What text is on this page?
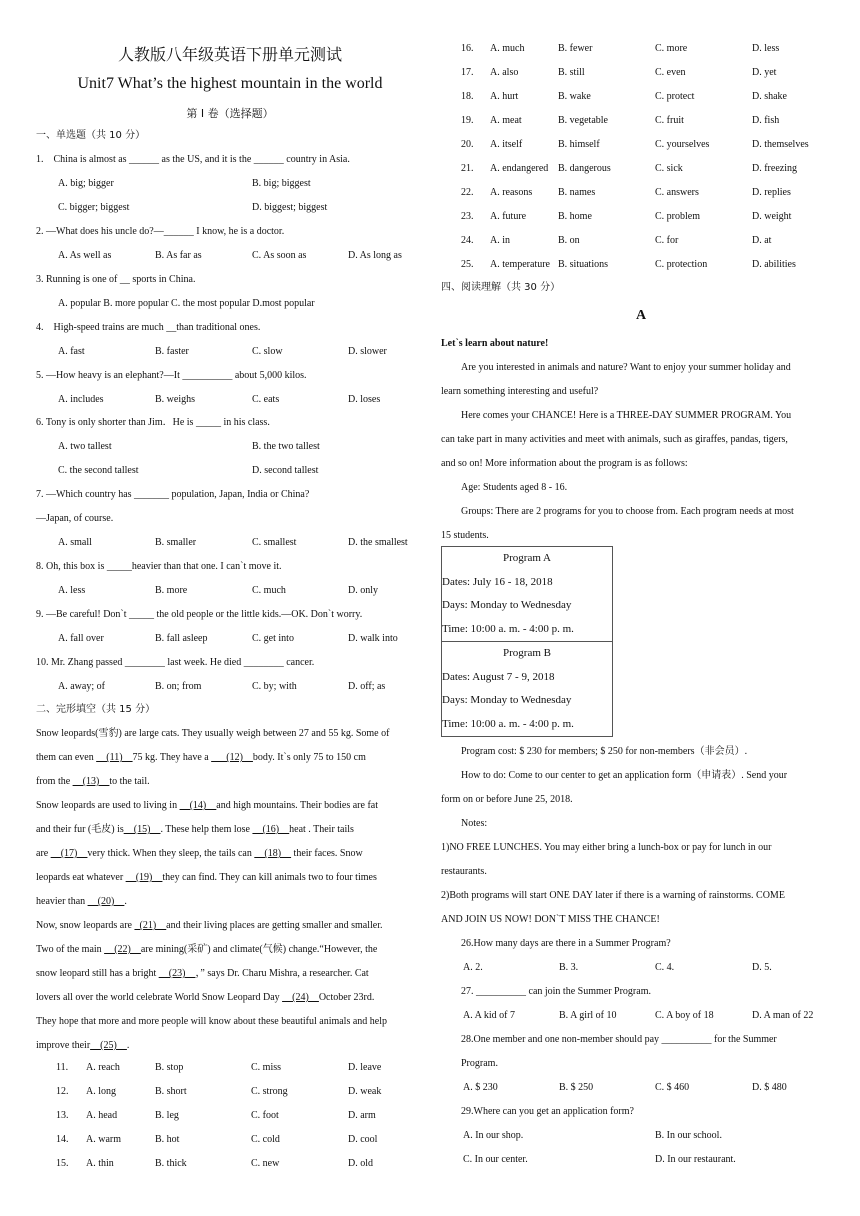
人教版八年级英语下册单元测试
Unit7 What’s the highest mountain in the world
第 I 卷（选择题）
一、单选题（共 10 分）
1.　China is almost as ______ as the US, and it is the ______ country in Asia.
A. big; bigger	B. big; biggest
C. bigger; biggest	D. biggest; biggest
2. —What does his uncle do?—______ I know, he is a doctor.
A. As well as	B. As far as	C. As soon as	D. As long as
3. Running is one of __ sports in China.
A. popular B. more popular C. the most popular D.most popular
4.　High-speed trains are much __than traditional ones.
A. fast	B. faster	C. slow	D. slower
5. —How heavy is an elephant?—It __________ about 5,000 kilos.
A. includes	B. weighs	C. eats	D. loses
6. Tony is only shorter than Jim．He is _____ in his class.
A. two tallest	B. the two tallest
C. the second tallest	D. second tallest
7. —Which country has _______ population, Japan, India or China?
—Japan, of course.
A. small	B. smaller	C. smallest	D. the smallest
8. Oh, this box is _____heavier than that one. I can`t move it.
A. less	B. more	C. much	D. only
9. —Be careful! Don`t _____ the old people or the little kids.—OK. Don`t worry.
A. fall over	B. fall asleep	C. get into	D. walk into
10. Mr. Zhang passed ________ last week. He died ________ cancer.
A. away; of	B. on; from	C. by; with	D. off; as
二、完形填空（共 15 分）
Snow leopards(雪豹) are large cats. They usually weigh between 27 and 55 kg. Some of
them can even __(11)__75 kg. They have a ___(12)__body. It`s only 75 to 150 cm
from the __(13)__to the tail.
Snow leopards are used to living in __(14)__and high mountains. Their bodies are fat
and their fur (毛皮) is__(15)__. These help them lose __(16)__heat . Their tails
are __(17)__very thick. When they sleep, the tails can __(18)__ their faces. Snow
leopards eat whatever __(19)__they can find. They can kill animals two to four times
heavier than __(20)__.
Now, snow leopards are _(21)__and their living places are getting smaller and smaller.
Two of the main __(22)__are mining(采矿) and climate(气候) change.“However, the
snow leopard still has a bright __(23)__，” says Dr. Charu Mishra, a researcher. Cat
lovers all over the world celebrate World Snow Leopard Day __(24)__October 23rd.
They hope that more and more people will know about these beautiful animals and help
improve their__(25)__.
11. A. reach	B. stop	C. miss	D. leave
12. A. long	B. short	C. strong	D. weak
13. A. head	B. leg	C. foot	D. arm
14. A. warm	B. hot	C. cold	D. cool
15. A. thin	B. thick	C. new	D. old
16. A. much	B. fewer	C. more	D. less
17. A. also	B. still	C. even	D. yet
18. A. hurt	B. wake	C. protect	D. shake
19. A. meat	B. vegetable	C. fruit	D. fish
20. A. itself	B. himself	C. yourselves	D. themselves
21. A. endangered B. dangerous	C. sick	D. freezing
22. A. reasons	B. names	C. answers	D. replies
23. A. future	B. home	C. problem	D. weight
24. A. in	B. on	C. for	D. at
25. A. temperature B. situations	C. protection	D. abilities
四、阅读理解（共 30 分）
A
Let`s learn about nature!
Are you interested in animals and nature? Want to enjoy your summer holiday and
learn something interesting and useful?
Here comes your CHANCE! Here is a THREE-DAY SUMMER PROGRAM. You
can take part in many activities and meet with animals, such as giraffes, pandas, tigers,
and so on! More information about the program is as follows:
Age: Students aged 8 - 16.
Groups: There are 2 programs for you to choose from. Each program needs at most
15 students.
Program A
Dates: July 16 - 18, 2018
Days: Monday to Wednesday
Time: 10:00 a. m. - 4:00 p. m.
Program B
Dates: August 7 - 9, 2018
Days: Monday to Wednesday
Time: 10:00 a. m. - 4:00 p. m.
Program cost: $ 230 for members; $ 250 for non-members（非会员）.
How to do: Come to our center to get an application form（申请表）. Send your
form on or before June 25, 2018.
Notes:
1)NO FREE LUNCHES. You may either bring a lunch-box or pay for lunch in our
restaurants.
2)Both programs will start ONE DAY later if there is a warning of rainstorms. COME
AND JOIN US NOW! DON`T MISS THE CHANCE!
26.How many days are there in a Summer Program?
A. 2.	B. 3.	C. 4.	D. 5.
27. __________ can join the Summer Program.
A. A kid of 7	B. A girl of 10	C. A boy of 18	D. A man of 22
28.One member and one non-member should pay __________ for the Summer
Program.
A. $ 230	B. $ 250	C. $ 460	D. $ 480
29.Where can you get an application form?
A. In our shop.	B. In our school.
C. In our center.	D. In our restaurant.
